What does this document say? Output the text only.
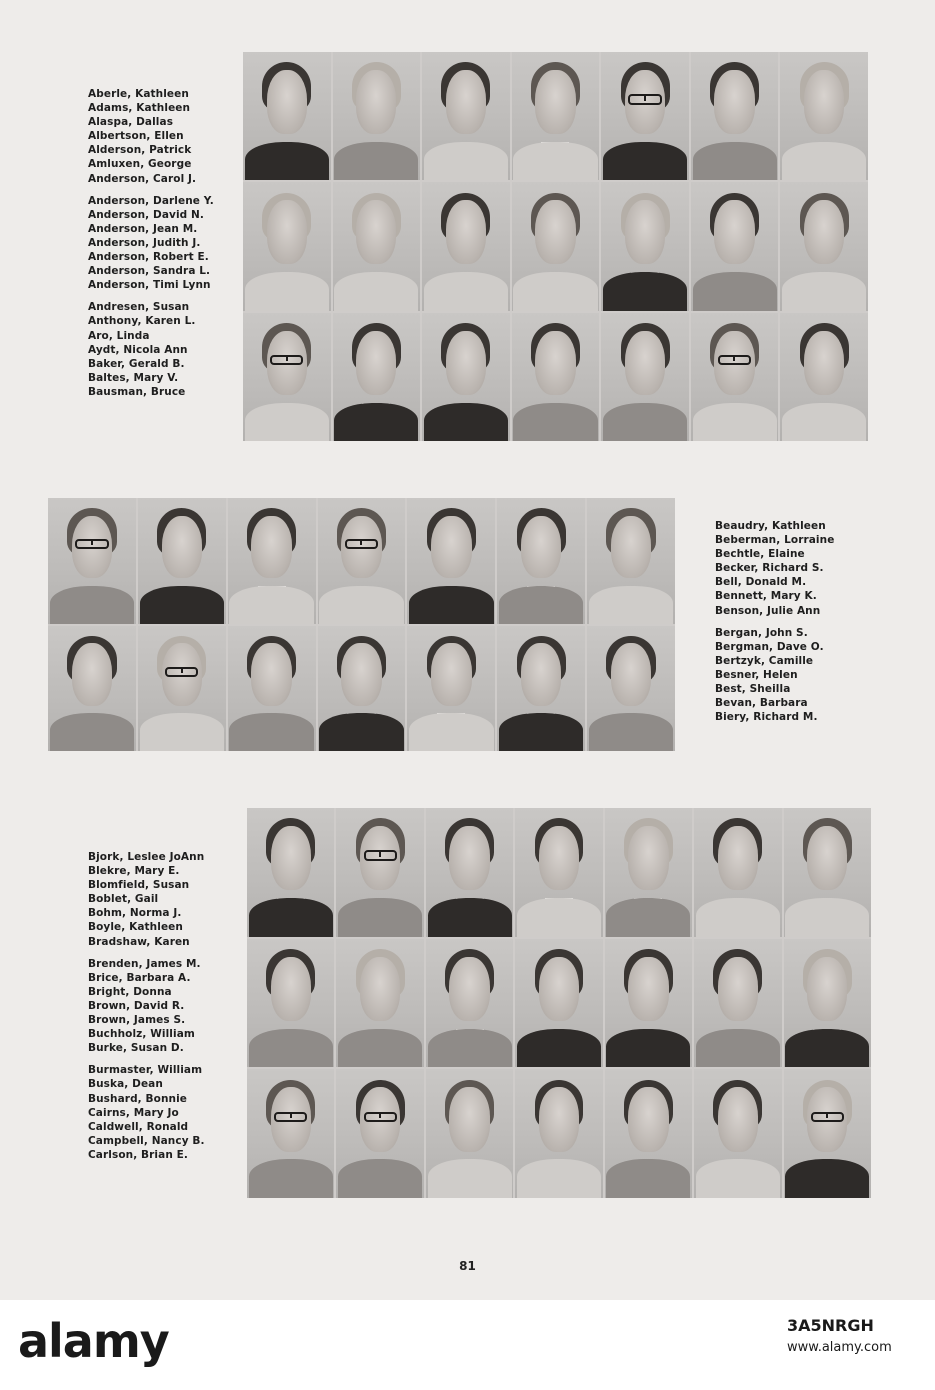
Aberle, Kathleen
Adams, Kathleen
Alaspa, Dallas
Albertson, Ellen
Alderson, Patrick
Amluxen, George
Anderson, Carol J.
Anderson, Darlene Y.
Anderson, David N.
Anderson, Jean M.
Anderson, Judith J.
Anderson, Robert E.
Anderson, Sandra L.
Anderson, Timi Lynn
Andresen, Susan
Anthony, Karen L.
Aro, Linda
Aydt, Nicola Ann
Baker, Gerald B.
Baltes, Mary V.
Bausman, Bruce
Beaudry, Kathleen
Beberman, Lorraine
Bechtle, Elaine
Becker, Richard S.
Bell, Donald M.
Bennett, Mary K.
Benson, Julie Ann
Bergan, John S.
Bergman, Dave O.
Bertzyk, Camille
Besner, Helen
Best, Sheilla
Bevan, Barbara
Biery, Richard M.
Bjork, Leslee JoAnn
Blekre, Mary E.
Blomfield, Susan
Boblet, Gail
Bohm, Norma J.
Boyle, Kathleen
Bradshaw, Karen
Brenden, James M.
Brice, Barbara A.
Bright, Donna
Brown, David R.
Brown, James S.
Buchholz, William
Burke, Susan D.
Burmaster, William
Buska, Dean
Bushard, Bonnie
Cairns, Mary Jo
Caldwell, Ronald
Campbell, Nancy B.
Carlson, Brian E.
81
alamy	3A5NRGH
www.alamy.com
